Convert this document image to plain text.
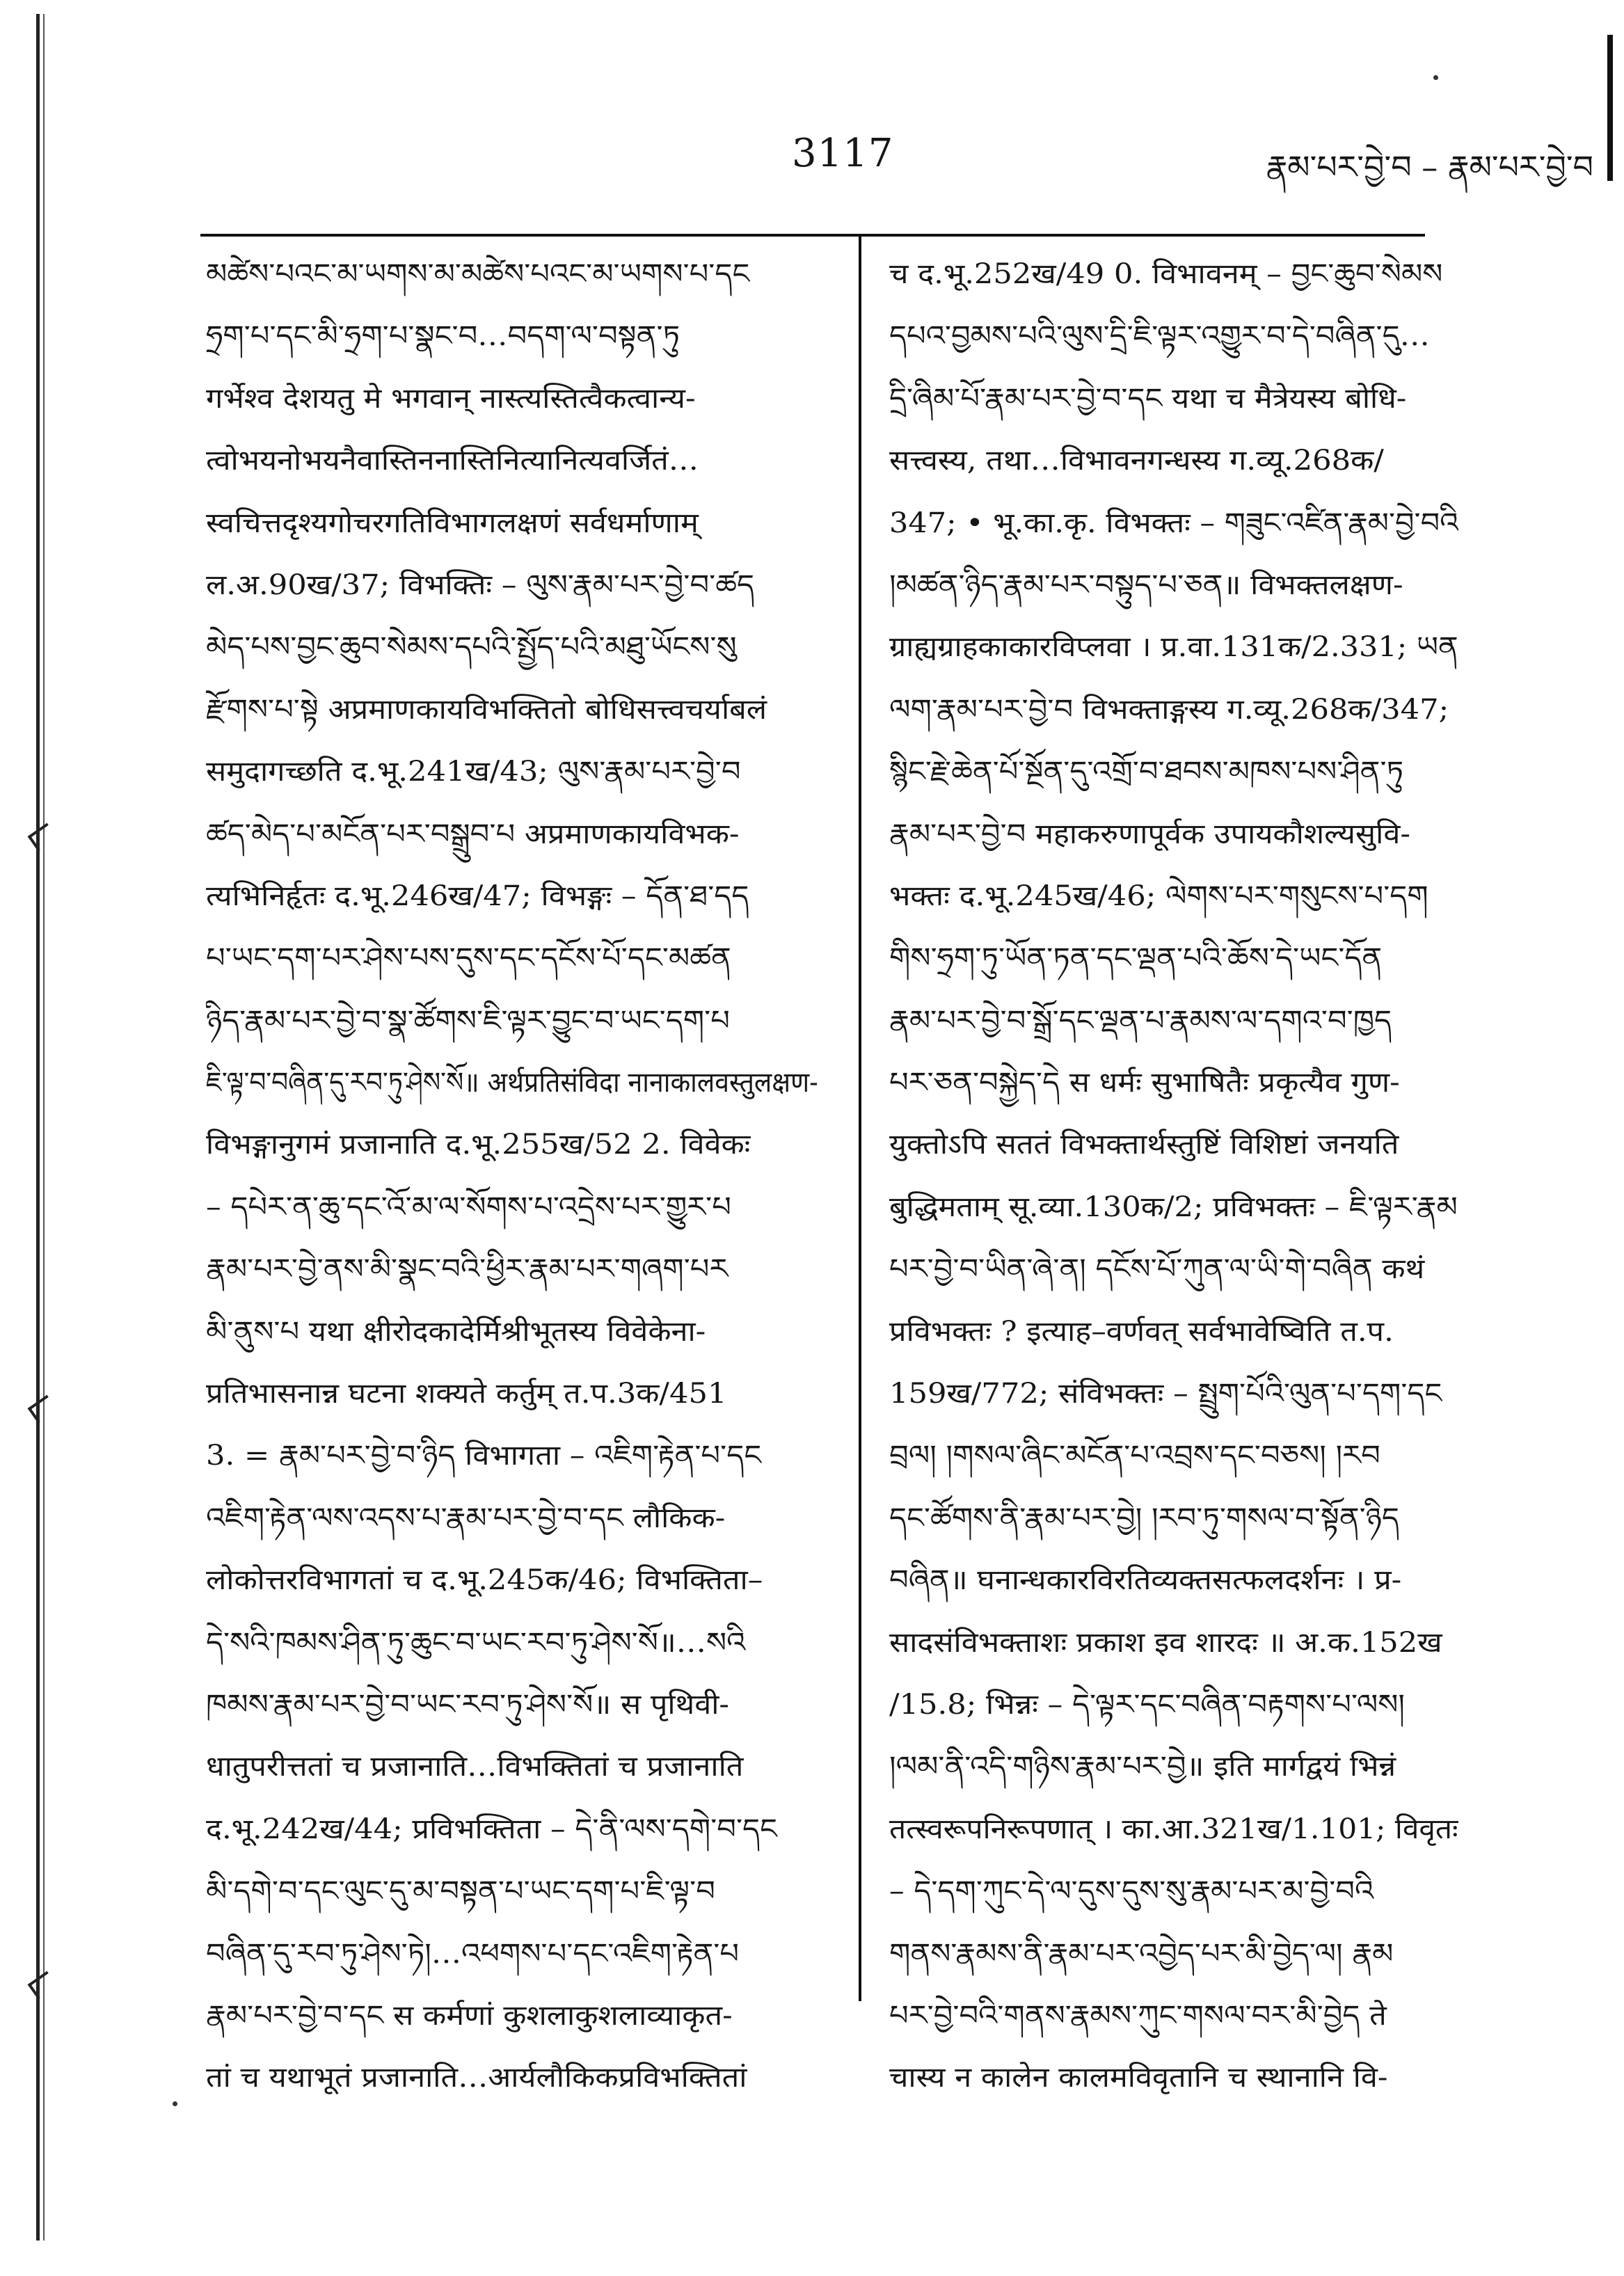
3117	རྣམ་པར་བྱེ་བ – རྣམ་པར་བྱེ་བ
མཚེས་པའང་མ་ཡགས་མ་མཚེས་པའང་མ་ཡགས་པ་དང
ཧྲག་པ་དང་མི་ཧྲག་པ་སྣང་བ…བདག་ལ་བསྟན་ཏུ
गर्भेश्व देशयतु मे भगवान् नास्त्यस्तित्वैकत्वान्य-
त्वोभयनोभयनैवास्तिननास्तिनित्यानित्यवर्जितं…
स्वचित्तदृश्यगोचरगतिविभागलक्षणं सर्वधर्माणाम्
ल.अ.90ख/37; विभक्तिः – ལུས་རྣམ་པར་བྱེ་བ་ཚད
མེད་པས་བྱང་ཆུབ་སེམས་དཔའི་སྤྱོད་པའི་མཐུ་ཡོངས་སུ
རྫོགས་པ་སྟེ अप्रमाणकायविभक्तितो बोधिसत्त्वचर्याबलं
समुदागच्छति द.भू.241ख/43; ལུས་རྣམ་པར་བྱེ་བ
ཚད་མེད་པ་མངོན་པར་བསྒྲུབ་པ अप्रमाणकायविभक-
त्यभिनिर्हृतः द.भू.246ख/47; विभङ्गः – དོན་ཐ་དད
པ་ཡང་དག་པར་ཤེས་པས་དུས་དང་དངོས་པོ་དང་མཚན
ཉིད་རྣམ་པར་བྱེ་བ་སྣ་ཚོགས་ཇི་ལྟར་བྱུང་བ་ཡང་དག་པ
ཇི་ལྟ་བ་བཞིན་དུ་རབ་ཏུ་ཤེས་སོ॥ अर्थप्रतिसंविदा नानाकालवस्तुलक्षण-
विभङ्गानुगमं प्रजानाति द.भू.255ख/52 2. विवेकः
– དཔེར་ན་ཆུ་དང་འོ་མ་ལ་སོགས་པ་འདྲེས་པར་གྱུར་པ
རྣམ་པར་བྱེ་ནས་མི་སྣང་བའི་ཕྱིར་རྣམ་པར་གཞག་པར
མི་ནུས་པ यथा क्षीरोदकादेर्मिश्रीभूतस्य विवेकेना-
प्रतिभासनान्न घटना शक्यते कर्तुम् त.प.3क/451
3. = རྣམ་པར་བྱེ་བ་ཉིད विभागता – འཇིག་རྟེན་པ་དང
འཇིག་རྟེན་ལས་འདས་པ་རྣམ་པར་བྱེ་བ་དང लौकिक-
लोकोत्तरविभागतां च द.भू.245क/46; विभक्तिता–
དེ་སའི་ཁམས་ཤིན་ཏུ་ཆུང་བ་ཡང་རབ་ཏུ་ཤེས་སོ॥…སའི
ཁམས་རྣམ་པར་བྱེ་བ་ཡང་རབ་ཏུ་ཤེས་སོ॥ स पृथिवी-
धातुपरीत्ततां च प्रजानाति…विभक्तितां च प्रजानाति
द.भू.242ख/44; प्रविभक्तिता – དེ་ནི་ལས་དགེ་བ་དང
མི་དགེ་བ་དང་ལུང་དུ་མ་བསྟན་པ་ཡང་དག་པ་ཇི་ལྟ་བ
བཞིན་དུ་རབ་ཏུ་ཤེས་ཏེ།…འཕགས་པ་དང་འཇིག་རྟེན་པ
རྣམ་པར་བྱེ་བ་དང स कर्मणां कुशलाकुशलाव्याकृत-
तां च यथाभूतं प्रजानाति…आर्यलौकिकप्रविभक्तितां
च द.भू.252ख/49 0. विभावनम् – བྱང་ཆུབ་སེམས
དཔའ་བྱམས་པའི་ལུས་དྲི་ཇི་ལྟར་འགྱུར་བ་དེ་བཞིན་དུ…
དྲི་ཞིམ་པོ་རྣམ་པར་བྱེ་བ་དང यथा च मैत्रेयस्य बोधि-
सत्त्वस्य, तथा…विभावनगन्धस्य ग.व्यू.268क/
347; • भू.का.कृ. विभक्तः – གཟུང་འཛིན་རྣམ་བྱེ་བའི
།མཚན་ཉིད་རྣམ་པར་བསྟུད་པ་ཅན॥ विभक्तलक्षण-
ग्राह्यग्राहकाकारविप्लवा । प्र.वा.131क/2.331; ཡན
ལག་རྣམ་པར་བྱེ་བ विभक्ताङ्गस्य ग.व्यू.268क/347;
སྙིང་རྗེ་ཆེན་པོ་སྔོན་དུ་འགྲོ་བ་ཐབས་མཁས་པས་ཤིན་ཏུ
རྣམ་པར་བྱེ་བ महाकरुणापूर्वक उपायकौशल्यसुवि-
भक्तः द.भू.245ख/46; ལེགས་པར་གསུངས་པ་དག
གིས་ཧྲག་ཏུ་ཡོན་ཏན་དང་ལྡན་པའི་ཆོས་དེ་ཡང་དོན
རྣམ་པར་བྱེ་བ་སྒྲོ་དང་ལྡན་པ་རྣམས་ལ་དགའ་བ་ཁྱད
པར་ཅན་བསྐྱེད་དེ स धर्मः सुभाषितैः प्रकृत्यैव गुण-
युक्तोऽपि सततं विभक्तार्थस्तुष्टिं विशिष्टां जनयति
बुद्धिमताम् सू.व्या.130क/2; प्रविभक्तः – ཇི་ལྟར་རྣམ
པར་བྱེ་བ་ཡིན་ཞེ་ན། དངོས་པོ་ཀུན་ལ་ཡི་གེ་བཞིན कथं
प्रविभक्तः ? इत्याह–वर्णवत् सर्वभावेष्विति त.प.
159ख/772; संविभक्तः – སྤྲུག་པོའི་ལུན་པ་དག་དང
བྲལ། །གསལ་ཞིང་མངོན་པ་འབྲས་དང་བཅས། །རབ
དང་ཚོགས་ནི་རྣམ་པར་བྱེ། །རབ་ཏུ་གསལ་བ་སྟོན་ཉིད
བཞིན॥ घनान्धकारविरतिव्यक्तसत्फलदर्शनः । प्र-
सादसंविभक्ताशः प्रकाश इव शारदः ॥ अ.क.152ख
/15.8; भिन्नः – དེ་ལྟར་དང་བཞིན་བརྟགས་པ་ལས།
།ལམ་ནི་འདི་གཉིས་རྣམ་པར་བྱེ॥ इति मार्गद्वयं भिन्नं
तत्स्वरूपनिरूपणात् । का.आ.321ख/1.101; विवृतः
– དེ་དག་ཀུང་དེ་ལ་དུས་དུས་སུ་རྣམ་པར་མ་བྱེ་བའི
གནས་རྣམས་ནི་རྣམ་པར་འབྱེད་པར་མི་བྱེད་ལ། རྣམ
པར་བྱེ་བའི་གནས་རྣམས་ཀུང་གསལ་བར་མི་བྱེད ते
चास्य न कालेन कालमविवृतानि च स्थानानि वि-
